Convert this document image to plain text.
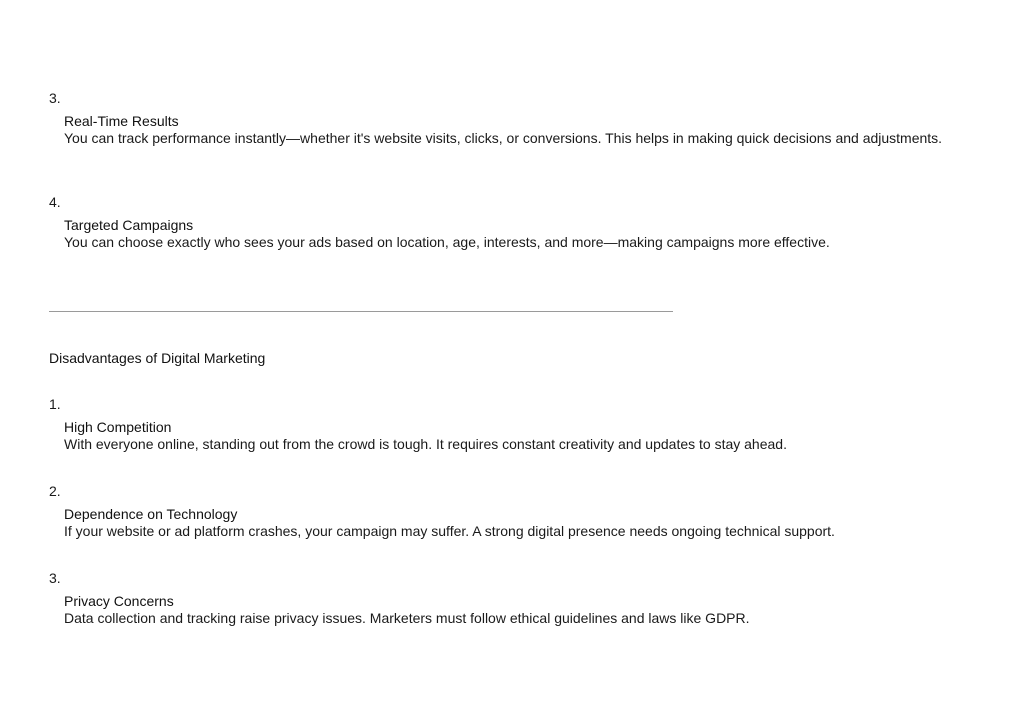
3.
Real-Time Results
You can track performance instantly—whether it's website visits, clicks, or conversions. This helps in making quick decisions and adjustments.
4.
Targeted Campaigns
You can choose exactly who sees your ads based on location, age, interests, and more—making campaigns more effective.
Disadvantages of Digital Marketing
1.
High Competition
With everyone online, standing out from the crowd is tough. It requires constant creativity and updates to stay ahead.
2.
Dependence on Technology
If your website or ad platform crashes, your campaign may suffer. A strong digital presence needs ongoing technical support.
3.
Privacy Concerns
Data collection and tracking raise privacy issues. Marketers must follow ethical guidelines and laws like GDPR.
